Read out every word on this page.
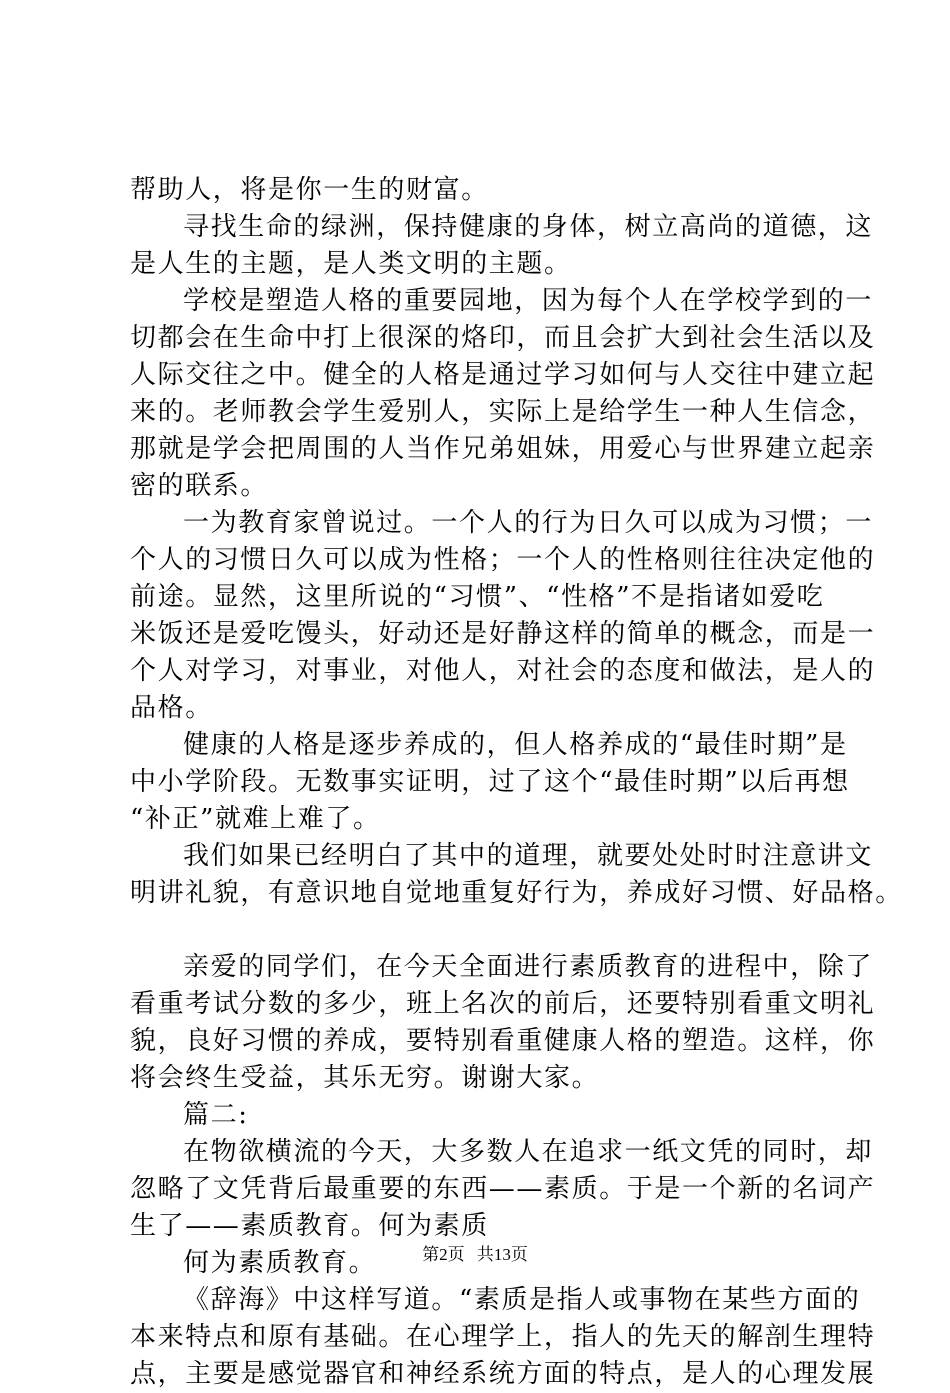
帮助人，将是你一生的财富。
寻找生命的绿洲，保持健康的身体，树立高尚的道德，这
是人生的主题，是人类文明的主题。
学校是塑造人格的重要园地，因为每个人在学校学到的一
切都会在生命中打上很深的烙印，而且会扩大到社会生活以及
人际交往之中。健全的人格是通过学习如何与人交往中建立起
来的。老师教会学生爱别人，实际上是给学生一种人生信念，
那就是学会把周围的人当作兄弟姐妹，用爱心与世界建立起亲
密的联系。
一为教育家曾说过。一个人的行为日久可以成为习惯；一
个人的习惯日久可以成为性格；一个人的性格则往往决定他的
前途。显然，这里所说的“习惯”、“性格”不是指诸如爱吃
米饭还是爱吃馒头，好动还是好静这样的简单的概念，而是一
个人对学习，对事业，对他人，对社会的态度和做法，是人的
品格。
健康的人格是逐步养成的，但人格养成的“最佳时期”是
中小学阶段。无数事实证明，过了这个“最佳时期”以后再想
“补正”就难上难了。
我们如果已经明白了其中的道理，就要处处时时注意讲文
明讲礼貌，有意识地自觉地重复好行为，养成好习惯、好品格。
亲爱的同学们，在今天全面进行素质教育的进程中，除了
看重考试分数的多少，班上名次的前后，还要特别看重文明礼
貌，良好习惯的养成，要特别看重健康人格的塑造。这样，你
将会终生受益，其乐无穷。谢谢大家。
篇二:
在物欲横流的今天，大多数人在追求一纸文凭的同时，却
忽略了文凭背后最重要的东西——素质。于是一个新的名词产
生了——素质教育。何为素质
何为素质教育。
《辞海》中这样写道。“素质是指人或事物在某些方面的
本来特点和原有基础。在心理学上，指人的先天的解剖生理特
点，主要是感觉器官和神经系统方面的特点，是人的心理发展
第2页 共13页
